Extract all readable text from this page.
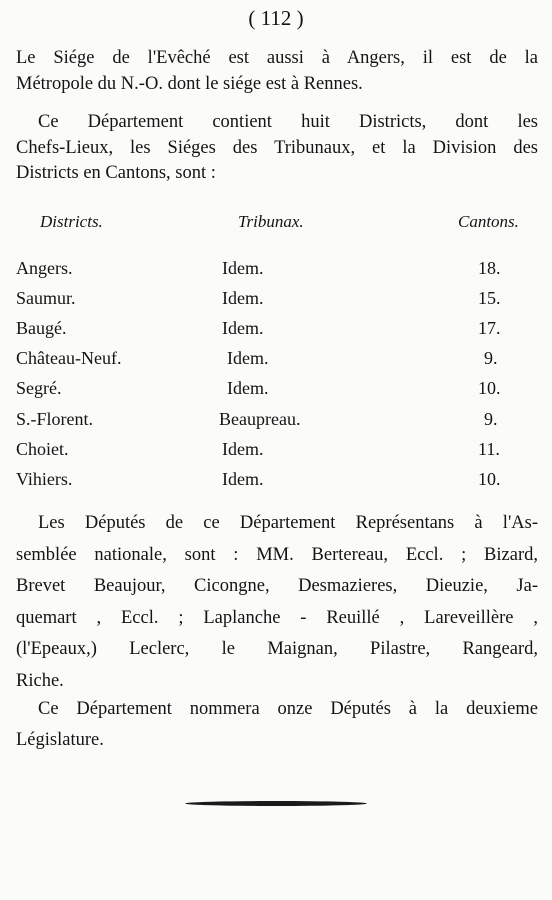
( 112 )
Le Siége de l'Evêché est aussi à Angers, il est de la
Métropole du N.-O. dont le siége est à Rennes.
Ce Département contient huit Districts, dont les
Chefs-Lieux, les Siéges des Tribunaux, et la Division des
Districts en Cantons, sont :
Districts.	Tribunax.	Cantons.
Angers.	Idem.	18.
Saumur.	Idem.	15.
Baugé.	Idem.	17.
Château-Neuf.	Idem.	9.
Segré.	Idem.	10.
S.-Florent.	Beaupreau.	9.
Choiet.	Idem.	11.
Vihiers.	Idem.	10.
Les Députés de ce Département Représentans à l'As-
semblée nationale, sont : MM. Bertereau, Eccl. ; Bizard,
Brevet Beaujour, Cicongne, Desmazieres, Dieuzie, Ja-
quemart , Eccl. ; Laplanche - Reuillé , Lareveillère ,
(l'Epeaux,) Leclerc, le Maignan, Pilastre, Rangeard,
Riche.
Ce Département nommera onze Députés à la deuxieme
Législature.
